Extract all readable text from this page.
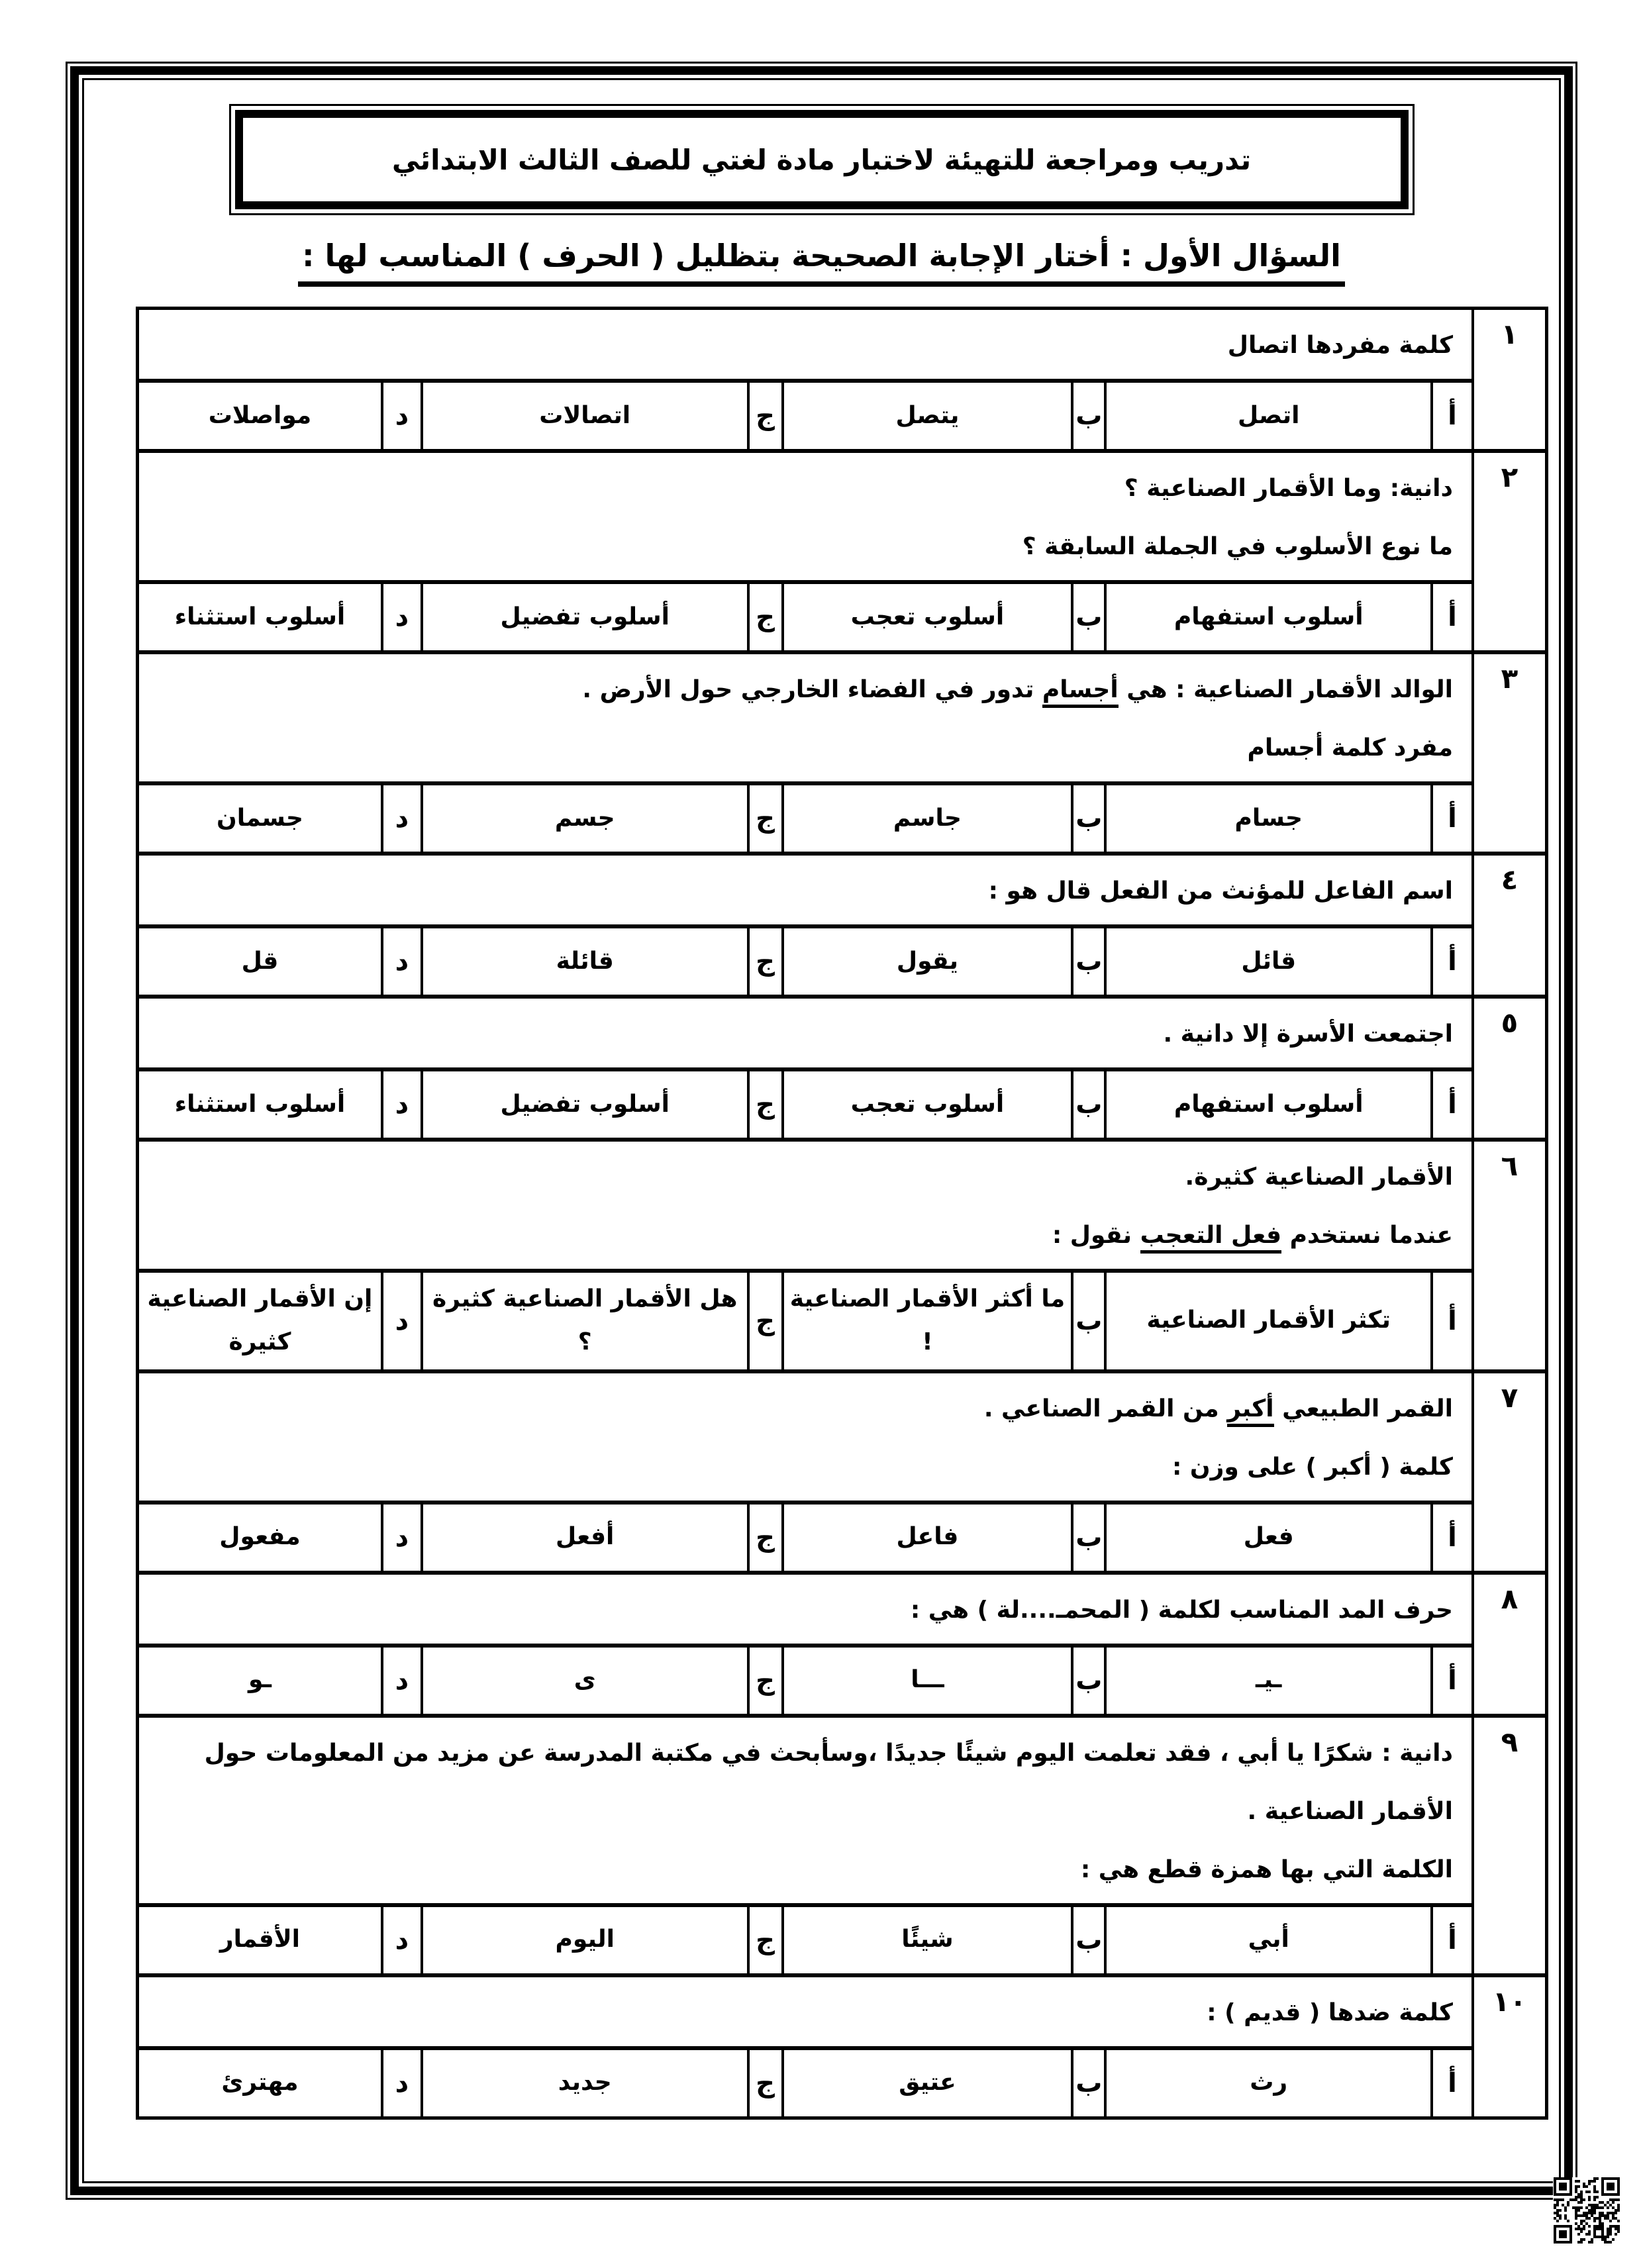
تدريب ومراجعة للتهيئة لاختبار مادة لغتي للصف الثالث الابتدائي
السؤال الأول : أختار الإجابة الصحيحة بتظليل ( الحرف ) المناسب لها :
١
كلمة مفردها اتصال
أ
اتصل
ب
يتصل
ج
اتصالات
د
مواصلات
٢
دانية: وما الأقمار الصناعية ؟
ما نوع الأسلوب في الجملة السابقة ؟
أ
أسلوب استفهام
ب
أسلوب تعجب
ج
أسلوب تفضيل
د
أسلوب استثناء
٣
الوالد الأقمار الصناعية : هي أجسام تدور في الفضاء الخارجي حول الأرض .
مفرد كلمة أجسام
أ
جسام
ب
جاسم
ج
جسم
د
جسمان
٤
اسم الفاعل للمؤنث من الفعل قال هو :
أ
قائل
ب
يقول
ج
قائلة
د
قل
٥
اجتمعت الأسرة إلا دانية .
أ
أسلوب استفهام
ب
أسلوب تعجب
ج
أسلوب تفضيل
د
أسلوب استثناء
٦
الأقمار الصناعية كثيرة.
عندما نستخدم فعل التعجب نقول :
أ
تكثر الأقمار الصناعية
ب
ما أكثر الأقمار الصناعية !
ج
هل الأقمار الصناعية كثيرة ؟
د
إن الأقمار الصناعية كثيرة
٧
القمر الطبيعي أكبر من القمر الصناعي .
كلمة ( أكبر ) على وزن :
أ
فعل
ب
فاعل
ج
أفعل
د
مفعول
٨
حرف المد المناسب لكلمة ( المحمـ....لة ) هي :
أ
ـيـ
ب
ـــا
ج
ى
د
ـو
٩
دانية : شكرًا يا أبي ، فقد تعلمت اليوم شيئًا جديدًا ،وسأبحث في مكتبة المدرسة عن مزيد من المعلومات حول الأقمار الصناعية .
الكلمة التي بها همزة قطع هي :
أ
أبي
ب
شيئًا
ج
اليوم
د
الأقمار
١٠
كلمة ضدها ( قديم ) :
أ
رث
ب
عتيق
ج
جديد
د
مهترئ
